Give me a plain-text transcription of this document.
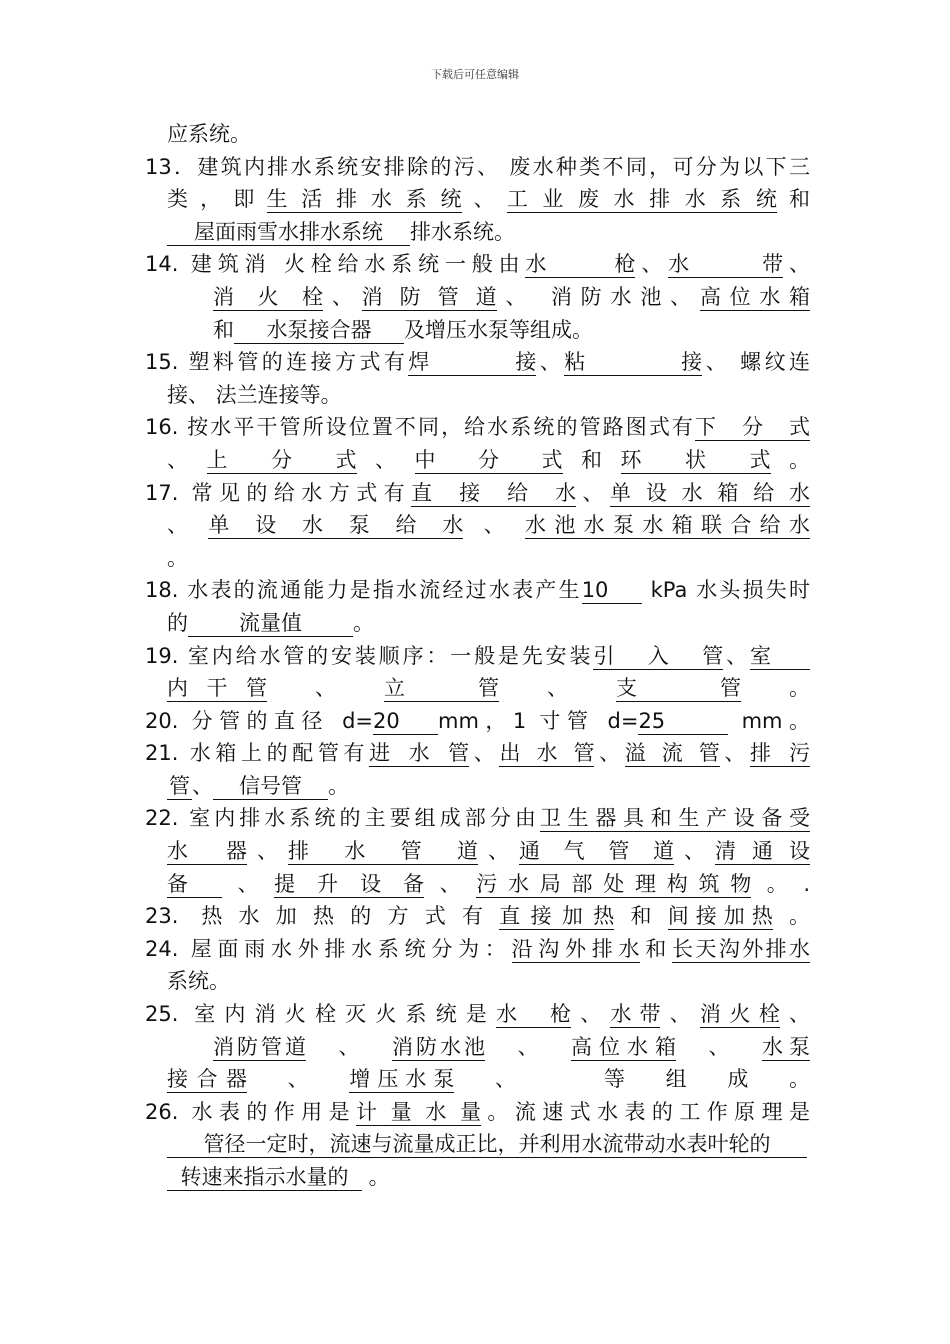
下载后可任意编辑
应系统。
13．建筑内排水系统安排除的污、 废水种类不同，可分为以下三
类，即生活排水系统、工业废水排水系统和
屋面雨雪水排水系统 排水系统。
14. 建筑消 火栓给水系统一般由水枪、水带、
消火栓、消防管道、 消防水池、高位水箱
和 水泵接合器 及增压水泵等组成。
15. 塑料管的连接方式有焊接、粘接、 螺纹连
接、 法兰连接等。
16. 按水平干管所设位置不同，给水系统的管路图式有下分式
、上分式、中分式和环状式。
17. 常见的给水方式有直接给水、单设水箱给水
、单设水泵给水、水池水泵水箱联合给水
。
18. 水表的流通能力是指水流经过水表产生10 kPa 水头损失时
的 流量值 。
19. 室内给水管的安装顺序：一般是先安装引入管、室
内干管、立管、支管。
20. 分管的直径 d=20 mm，1 寸管 d=25	mm。
21. 水箱上的配管有进水管、出水管、溢流管、排污
管、 信号管 。
22. 室内排水系统的主要组成部分由卫生器具和生产设备受
水器、排水管道、通气管道、清通设
备 、提升设备、污水局部处理构筑物。.
23. 热水加热的方式有直接加热和间接加热。
24. 屋面雨水外排水系统分为：沿沟外排水和长天沟外排水
系统。
25. 室内消火栓灭火系统是水枪、水带、消火栓、
消防管道、消防水池、高位水箱、水泵
接合器、增压水泵、 等组成。
26. 水表的作用是计量水量。流速式水表的工作原理是
管径一定时，流速与流量成正比，并利用水流带动水表叶轮的
转速来指示水量的 。
